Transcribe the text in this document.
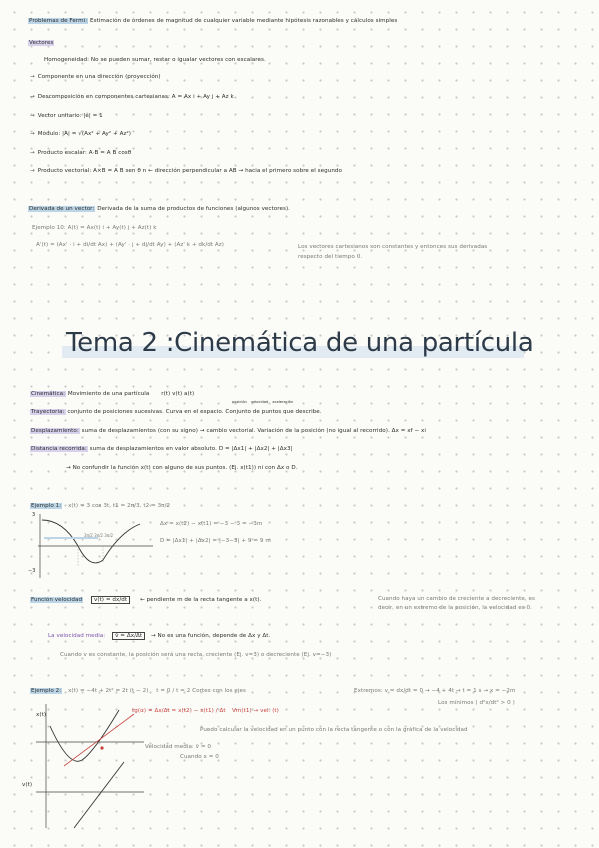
Problemas de Fermi: Estimación de órdenes de magnitud de cualquier variable mediante hipótesis razonables y cálculos simples
Vectores
Homogeneidad: No se pueden sumar, restar o igualar vectores con escalares.
→ Componente en una dirección (proyección)
→ Descomposición en componentes cartesianas: A = Ax i + Ay j + Az k
→ Vector unitario: |ê| = 1
→ Módulo: |A| = √(Ax² + Ay² + Az²)
→ Producto escalar: A·B = A B cosθ
→ Producto vectorial: A×B = A B sen θ n ← dirección perpendicular a AB → hacia el primero sobre el segundo
Derivada de un vector: Derivada de la suma de productos de funciones (algunos vectores).
Ejemplo 10: A(t) = Ax(t) i + Ay(t) j + Az(t) k
A'(t) = (Ax' · i + di/dt Ax) + (Ay' · j + dj/dt Ay) + (Az' k + dk/dt Az)	Los vectores cartesianos son constantes y entonces sus derivadas
respecto del tiempo 0.
Tema 2 :Cinemática de una partícula
Cinemática: Movimiento de una partícula r(t) v(t) a(t)
posición velocidad aceleración
Trayectoria: conjunto de posiciones sucesivas. Curva en el espacio. Conjunto de puntos que describe.
Desplazamiento: suma de desplazamientos (con su signo) → cambio vectorial. Variación de la posición (no igual al recorrido). Δx = xf − xi
Distancia recorrida: suma de desplazamientos en valor absoluto. D = |Δx1| + |Δx2| + |Δx3|
→ No confundir la función x(t) con alguno de sus puntos. (Ej. x(t1)) ni con Δx o D.
Ejemplo 1: x(t) = 3 cos 3t, t1 = 2π/3, t2 = 3π/2
Δx = x(t2) − x(t1) = −3 − 3 = −3m
D = |Δx1| + |Δx2| = |−3−3| + 9 = 9 m
3
−3
3π/2 3π/2 3π/2
Función velocidad v(t) = dx/dt ← pendiente m de la recta tangente a x(t).	Cuando haya un cambio de creciente a decreciente, es
decir, en un extremo de la posición, la velocidad es 0.
La velocidad media: v̄ = Δx/Δt → No es una función, depende de Δx y Δt.
Cuando v es constante, la posición será una recta, creciente (Ej. v=3) o decreciente (Ej. v=−3)
Ejemplo 2: x(t) = −4t + 2t² = 2t (t − 2) t = 0 / t = 2 Cortes con los ejes	Extremos: v = dx/dt = 0 → −4 + 4t → t = 1 s → x = −2m
Los mínimos ( d²x/dt² > 0 )
tg(α) = Δx/Δt = x(t2) − x(t1) / Δt Vm(t1) → vel. (t)
Puedo calcular la velocidad en un punto con la recta tangente o con la gráfica de la velocidad
Velocidad media: v̄ = 0
Cuando x = 0
x(t)
v(t)
